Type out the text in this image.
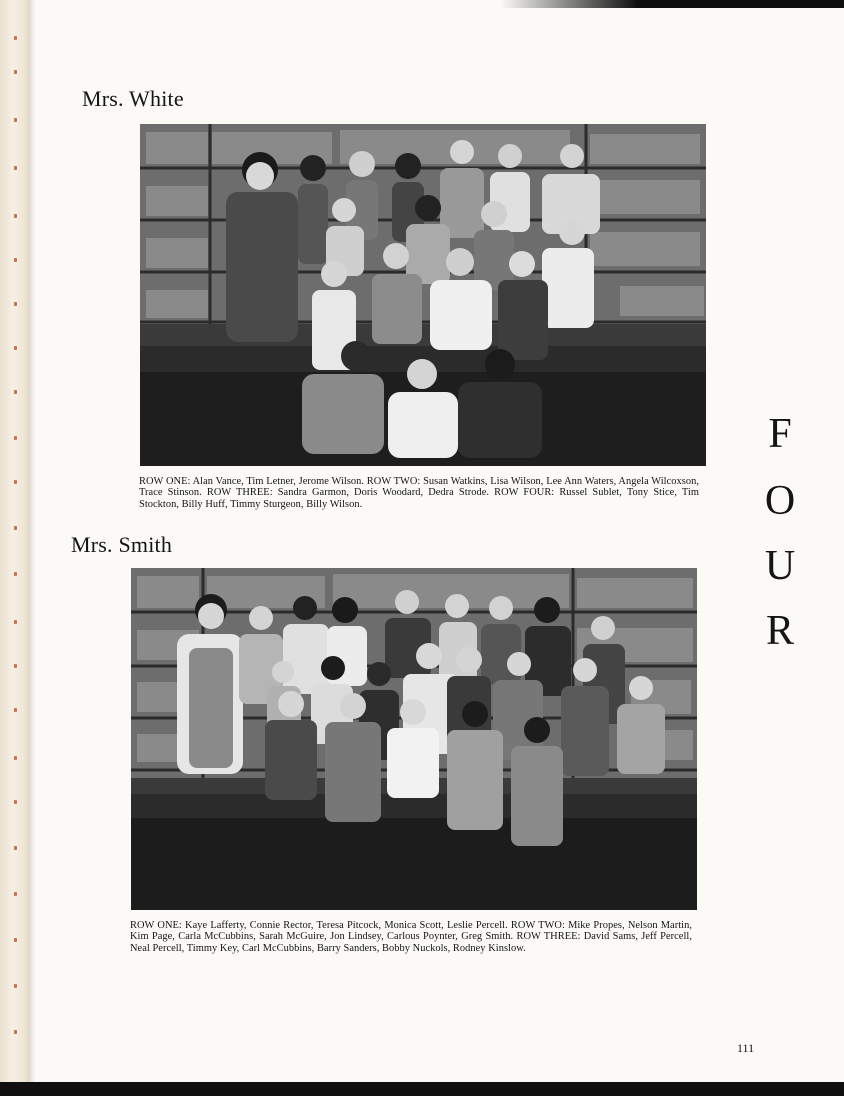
Mrs. White

ROW ONE: Alan Vance, Tim Letner, Jerome Wilson. ROW TWO: Susan Watkins, Lisa Wilson, Lee Ann Waters, Angela Wilcoxson, Trace Stinson. ROW THREE: Sandra Garmon, Doris Woodard, Dedra Strode. ROW FOUR: Russel Sublet, Tony Stice, Tim Stockton, Billy Huff, Timmy Sturgeon, Billy Wilson.

Mrs. Smith

ROW ONE: Kaye Lafferty, Connie Rector, Teresa Pitcock, Monica Scott, Leslie Percell. ROW TWO: Mike Propes, Nelson Martin, Kim Page, Carla McCubbins, Sarah McGuire, Jon Lindsey, Carlous Poynter, Greg Smith. ROW THREE: David Sams, Jeff Percell, Neal Percell, Timmy Key, Carl McCubbins, Barry Sanders, Bobby Nuckols, Rodney Kinslow.

F
O
U
R
111
